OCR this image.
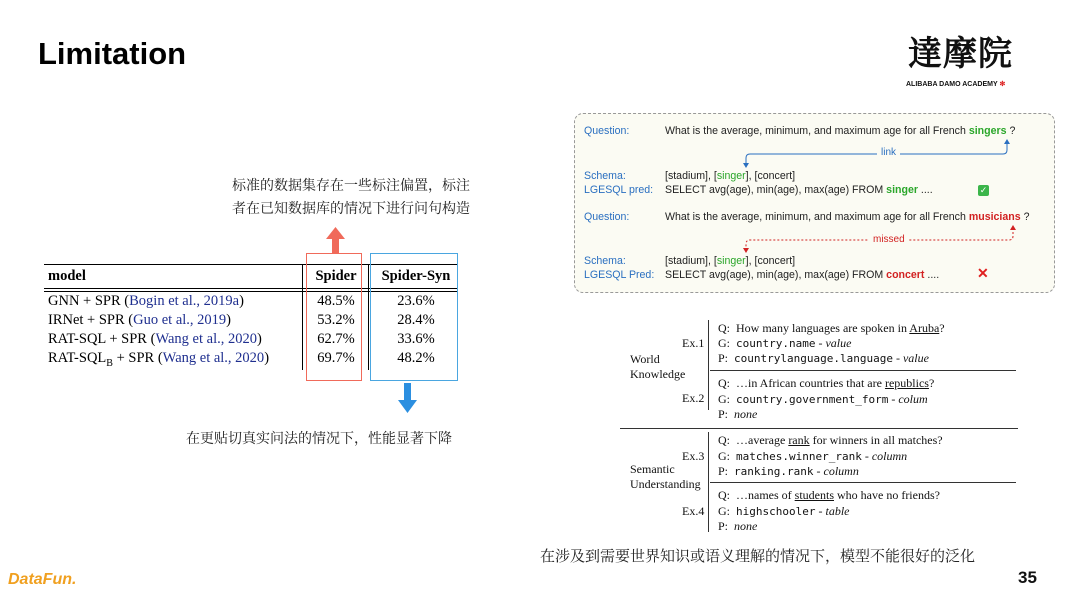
Limitation	達摩院
ALIBABA DAMO ACADEMY ✻
标准的数据集存在一些标注偏置，标注
者在已知数据库的情况下进行问句构造
model	Spider	Spider-Syn
GNN + SPR (Bogin et al., 2019a)	48.5%	23.6%
IRNet + SPR (Guo et al., 2019)	53.2%	28.4%
RAT-SQL + SPR (Wang et al., 2020)	62.7%	33.6%
RAT-$SQL_B$ + SPR (Wang et al., 2020)	69.7%	48.2%
在更贴切真实问法的情况下，性能显著下降
Question:	What is the average, minimum, and maximum age for all French singers ?
link
missed
Schema:	[stadium], [singer], [concert]
LGESQL pred: SELECT avg(age), min(age), max(age) FROM singer ....	✓
Question:	What is the average, minimum, and maximum age for all French musicians ?
Schema:	[stadium], [singer], [concert]
LGESQL Pred: SELECT avg(age), min(age), max(age) FROM concert ....	✕
World
Knowledge
Semantic
Understanding
Ex.1
Q: How many languages are spoken in Aruba?
G: country.name - value
P: countrylanguage.language - value
Ex.2
Q: …in African countries that are republics?
G: country.government_form - colum
P: none
Ex.3
Q: …average rank for winners in all matches?
G: matches.winner_rank - column
P: ranking.rank - column
Ex.4
Q: …names of students who have no friends?
G: highschooler - table
P: none
在涉及到需要世界知识或语义理解的情况下，模型不能很好的泛化
DataFun.	35
